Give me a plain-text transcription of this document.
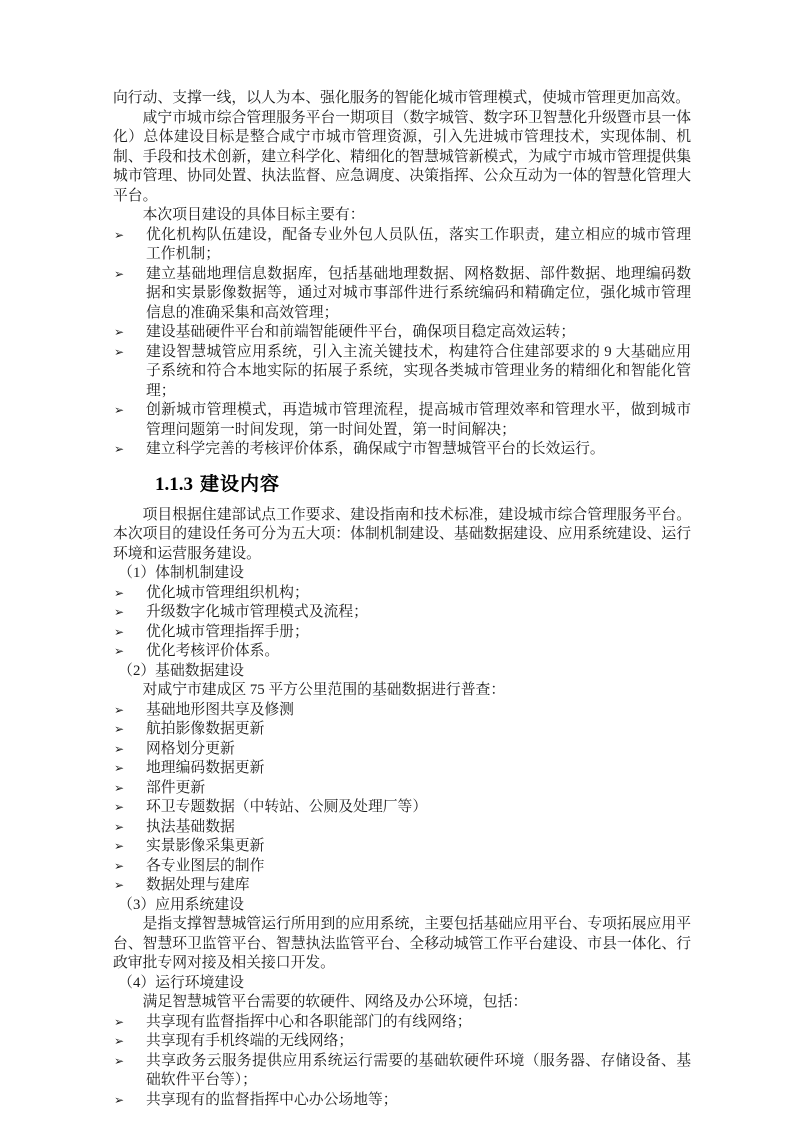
向行动、支撑一线，以人为本、强化服务的智能化城市管理模式，使城市管理更加高效。

咸宁市城市综合管理服务平台一期项目（数字城管、数字环卫智慧化升级暨市县一体化）总体建设目标是整合咸宁市城市管理资源，引入先进城市管理技术，实现体制、机制、手段和技术创新，建立科学化、精细化的智慧城管新模式，为咸宁市城市管理提供集城市管理、协同处置、执法监督、应急调度、决策指挥、公众互动为一体的智慧化管理大平台。

本次项目建设的具体目标主要有：

➢	优化机构队伍建设，配备专业外包人员队伍，落实工作职责，建立相应的城市管理工作机制；
➢	建立基础地理信息数据库，包括基础地理数据、网格数据、部件数据、地理编码数据和实景影像数据等，通过对城市事部件进行系统编码和精确定位，强化城市管理信息的准确采集和高效管理；
➢	建设基础硬件平台和前端智能硬件平台，确保项目稳定高效运转；
➢	建设智慧城管应用系统，引入主流关键技术，构建符合住建部要求的 9 大基础应用子系统和符合本地实际的拓展子系统，实现各类城市管理业务的精细化和智能化管理；
➢	创新城市管理模式，再造城市管理流程，提高城市管理效率和管理水平，做到城市管理问题第一时间发现，第一时间处置，第一时间解决；
➢	建立科学完善的考核评价体系，确保咸宁市智慧城管平台的长效运行。
1.1.3 建设内容

项目根据住建部试点工作要求、建设指南和技术标准，建设城市综合管理服务平台。本次项目的建设任务可分为五大项：体制机制建设、基础数据建设、应用系统建设、运行环境和运营服务建设。

（1）体制机制建设

➢	优化城市管理组织机构；
➢	升级数字化城市管理模式及流程；
➢	优化城市管理指挥手册；
➢	优化考核评价体系。

（2）基础数据建设

对咸宁市建成区 75 平方公里范围的基础数据进行普查：

➢	基础地形图共享及修测
➢	航拍影像数据更新
➢	网格划分更新
➢	地理编码数据更新
➢	部件更新
➢	环卫专题数据（中转站、公厕及处理厂等）
➢	执法基础数据
➢	实景影像采集更新
➢	各专业图层的制作
➢	数据处理与建库

（3）应用系统建设

是指支撑智慧城管运行所用到的应用系统，主要包括基础应用平台、专项拓展应用平台、智慧环卫监管平台、智慧执法监管平台、全移动城管工作平台建设、市县一体化、行政审批专网对接及相关接口开发。

（4）运行环境建设

满足智慧城管平台需要的软硬件、网络及办公环境，包括：

➢	共享现有监督指挥中心和各职能部门的有线网络；
➢	共享现有手机终端的无线网络；
➢	共享政务云服务提供应用系统运行需要的基础软硬件环境（服务器、存储设备、基础软件平台等）；
➢	共享现有的监督指挥中心办公场地等；
